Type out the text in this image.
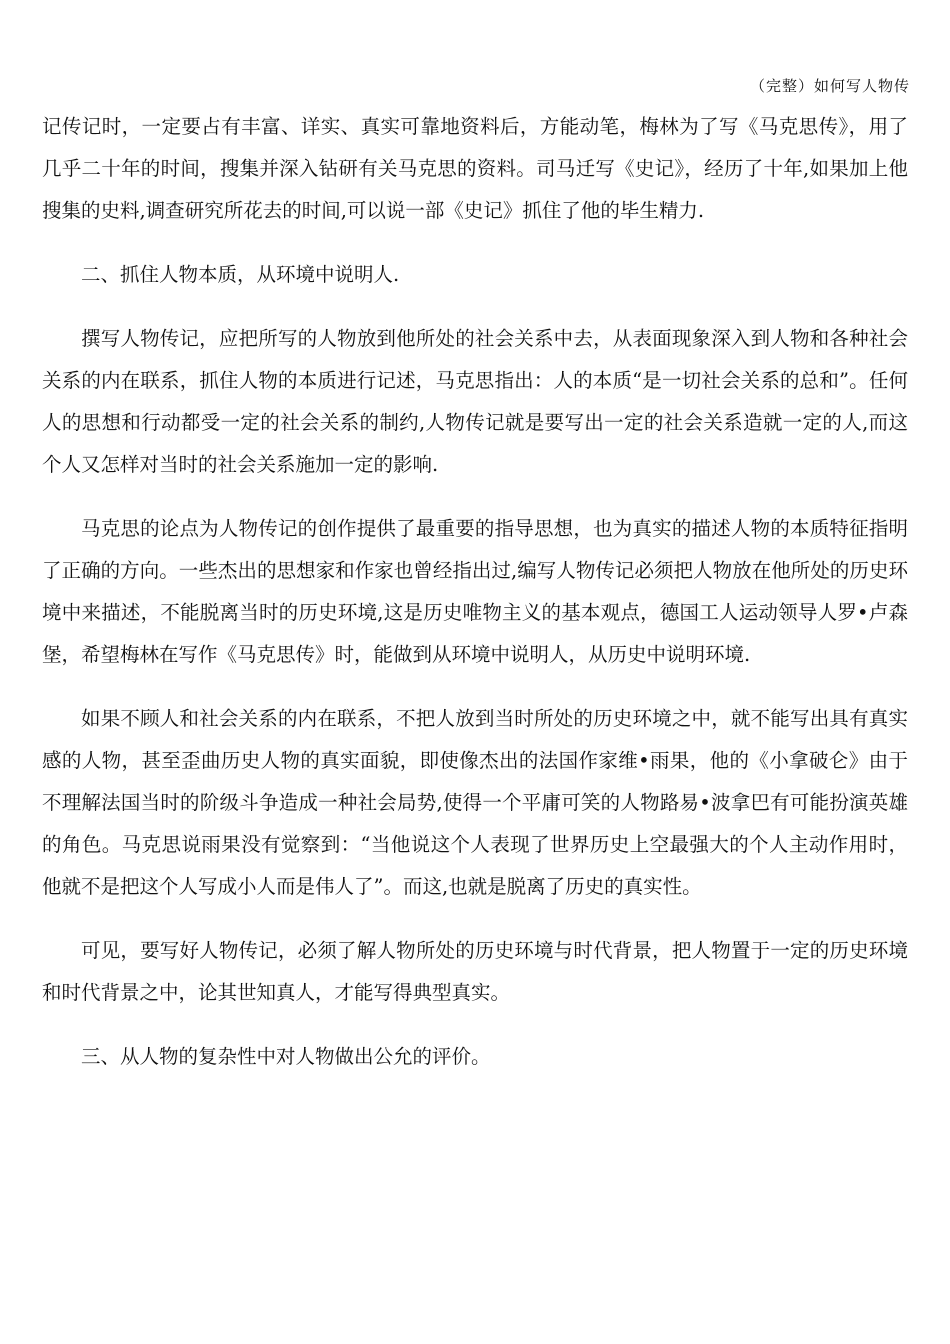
（完整）如何写人物传

记传记时，一定要占有丰富、详实、真实可靠地资料后，方能动笔，梅林为了写《马克思传》，用了几乎二十年的时间，搜集并深入钻研有关马克思的资料。司马迁写《史记》，经历了十年,如果加上他搜集的史料,调查研究所花去的时间,可以说一部《史记》抓住了他的毕生精力.

二、抓住人物本质，从环境中说明人.

撰写人物传记，应把所写的人物放到他所处的社会关系中去，从表面现象深入到人物和各种社会关系的内在联系，抓住人物的本质进行记述，马克思指出：人的本质“是一切社会关系的总和”。任何人的思想和行动都受一定的社会关系的制约,人物传记就是要写出一定的社会关系造就一定的人,而这个人又怎样对当时的社会关系施加一定的影响.

马克思的论点为人物传记的创作提供了最重要的指导思想，也为真实的描述人物的本质特征指明了正确的方向。一些杰出的思想家和作家也曾经指出过,编写人物传记必须把人物放在他所处的历史环境中来描述，不能脱离当时的历史环境,这是历史唯物主义的基本观点，德国工人运动领导人罗•卢森堡，希望梅林在写作《马克思传》时，能做到从环境中说明人，从历史中说明环境.

如果不顾人和社会关系的内在联系，不把人放到当时所处的历史环境之中，就不能写出具有真实感的人物，甚至歪曲历史人物的真实面貌，即使像杰出的法国作家维•雨果，他的《小拿破仑》由于不理解法国当时的阶级斗争造成一种社会局势,使得一个平庸可笑的人物路易•波拿巴有可能扮演英雄的角色。马克思说雨果没有觉察到：“当他说这个人表现了世界历史上空最强大的个人主动作用时，他就不是把这个人写成小人而是伟人了”。而这,也就是脱离了历史的真实性。

可见，要写好人物传记，必须了解人物所处的历史环境与时代背景，把人物置于一定的历史环境和时代背景之中，论其世知真人，才能写得典型真实。

三、从人物的复杂性中对人物做出公允的评价。
